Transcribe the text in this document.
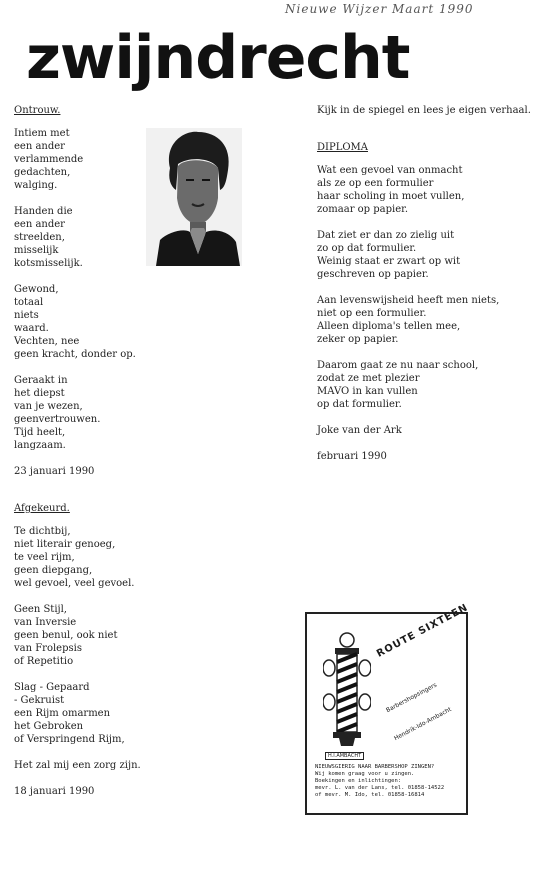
Nieuwe Wijzer Maart 1990
zwijndrecht
Ontrouw.
Intiem met
een ander
verlammende
gedachten,
walging.
Handen die
een ander
streelden,
misselijk
kotsmisselijk.
Gewond,
totaal
niets
waard.
Vechten, nee
geen kracht, donder op.
Geraakt in
het diepst
van je wezen,
geenvertrouwen.
Tijd heelt,
langzaam.
23 januari 1990
Afgekeurd.
Te dichtbij,
niet literair genoeg,
te veel rijm,
geen diepgang,
wel gevoel, veel gevoel.
Geen Stijl,
van Inversie
geen benul, ook niet
van Frolepsis
of Repetitio
Slag - Gepaard
- Gekruist
een Rijm omarmen
het Gebroken
of Verspringend Rijm,
Het zal mij een zorg zijn.
18 januari 1990
Kijk in de spiegel en lees je eigen verhaal.
DIPLOMA
Wat een gevoel van onmacht
als ze op een formulier
haar scholing in moet vullen,
zomaar op papier.
Dat ziet er dan zo zielig uit
zo op dat formulier.
Weinig staat er zwart op wit
geschreven op papier.
Aan levenswijsheid heeft men niets,
niet op een formulier.
Alleen diploma's tellen mee,
zeker op papier.
Daarom gaat ze nu naar school,
zodat ze met plezier
MAVO in kan vullen
op dat formulier.
Joke van der Ark
februari 1990
ROUTE SIXTEEN
Barbershopsingers
Hendrik-Ido-Ambacht
H.I.AMBACHT
NIEUWSGIERIG NAAR BARBERSHOP ZINGEN?
Wij komen graag voor u zingen.
Boekingen en inlichtingen:
mevr. L. van der Lans, tel. 01858-14522
of mevr. M. Ido, tel. 01858-16814
